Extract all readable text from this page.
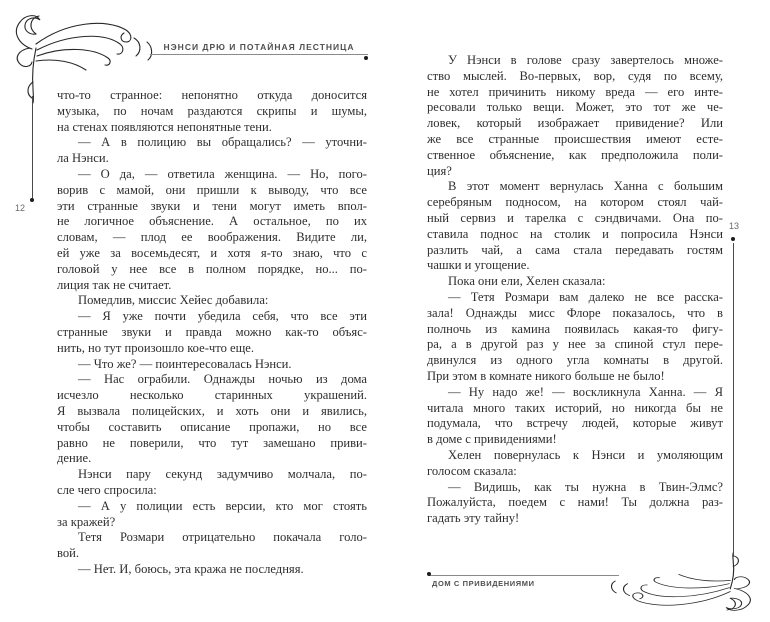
НЭНСИ ДРЮ И ПОТАЙНАЯ ЛЕСТНИЦА
12
13
что-то странное: непонятно откуда доносится
музыка, по ночам раздаются скрипы и шумы,
на стенах появляются непонятные тени.
— А в полицию вы обращались? — уточни-
ла Нэнси.
— О да, — ответила женщина. — Но, пого-
ворив с мамой, они пришли к выводу, что все
эти странные звуки и тени могут иметь впол-
не логичное объяснение. А остальное, по их
словам, — плод ее воображения. Видите ли,
ей уже за восемьдесят, и хотя я-то знаю, что с
головой у нее все в полном порядке, но... по-
лиция так не считает.
Помедлив, миссис Хейес добавила:
— Я уже почти убедила себя, что все эти
странные звуки и правда можно как-то объяс-
нить, но тут произошло кое-что еще.
— Что же? — поинтересовалась Нэнси.
— Нас ограбили. Однажды ночью из дома
исчезло несколько старинных украшений.
Я вызвала полицейских, и хоть они и явились,
чтобы составить описание пропажи, но все
равно не поверили, что тут замешано приви-
дение.
Нэнси пару секунд задумчиво молчала, по-
сле чего спросила:
— А у полиции есть версии, кто мог стоять
за кражей?
Тетя Розмари отрицательно покачала голо-
вой.
— Нет. И, боюсь, эта кража не последняя.
У Нэнси в голове сразу завертелось множе-
ство мыслей. Во-первых, вор, судя по всему,
не хотел причинить никому вреда — его инте-
ресовали только вещи. Может, это тот же че-
ловек, который изображает привидение? Или
же все странные происшествия имеют есте-
ственное объяснение, как предположила поли-
ция?
В этот момент вернулась Ханна с большим
серебряным подносом, на котором стоял чай-
ный сервиз и тарелка с сэндвичами. Она по-
ставила поднос на столик и попросила Нэнси
разлить чай, а сама стала передавать гостям
чашки и угощение.
Пока они ели, Хелен сказала:
— Тетя Розмари вам далеко не все расска-
зала! Однажды мисс Флоре показалось, что в
полночь из камина появилась какая-то фигу-
ра, а в другой раз у нее за спиной стул пере-
двинулся из одного угла комнаты в другой.
При этом в комнате никого больше не было!
— Ну надо же! — воскликнула Ханна. — Я
читала много таких историй, но никогда бы не
подумала, что встречу людей, которые живут
в доме с привидениями!
Хелен повернулась к Нэнси и умоляющим
голосом сказала:
— Видишь, как ты нужна в Твин-Элмс?
Пожалуйста, поедем с нами! Ты должна раз-
гадать эту тайну!
ДОМ С ПРИВИДЕНИЯМИ
